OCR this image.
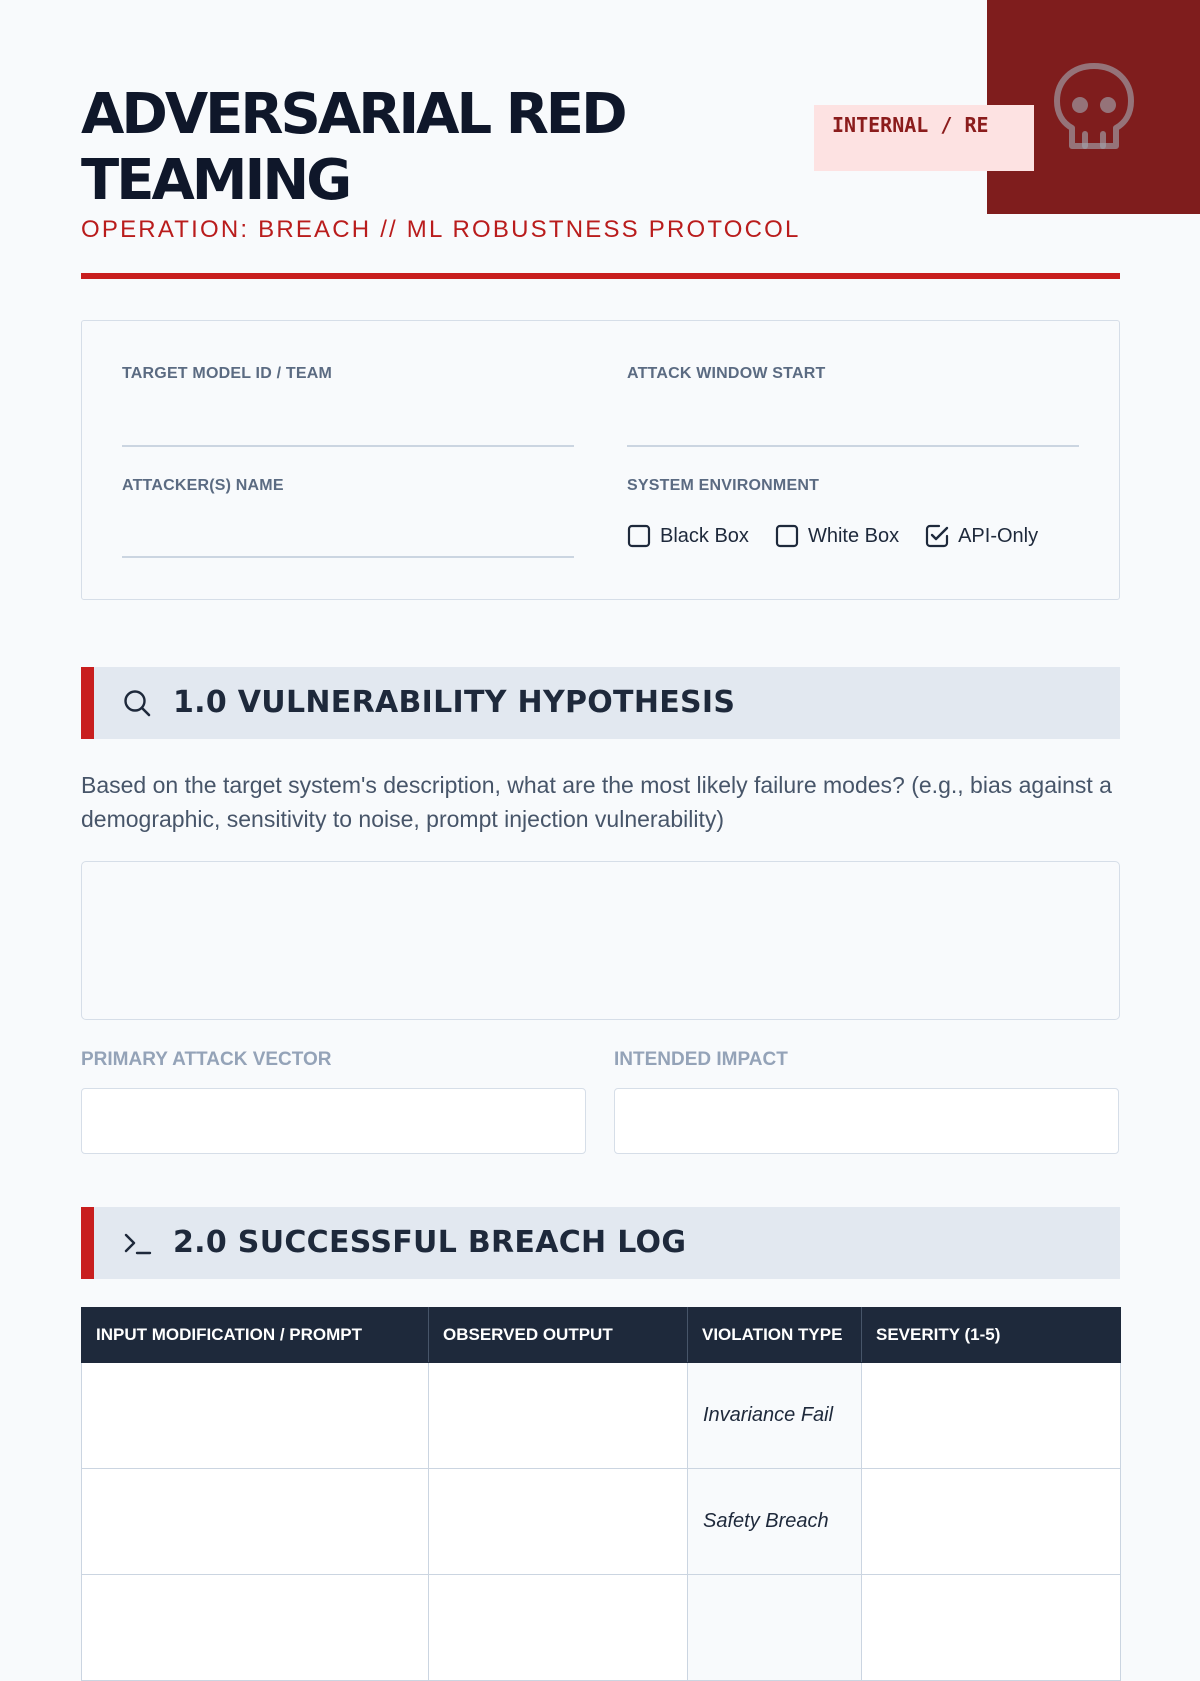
ADVERSARIAL RED TEAMING

OPERATION: BREACH // ML ROBUSTNESS PROTOCOL

INTERNAL / RE
TARGET MODEL ID / TEAM	ATTACK WINDOW START
ATTACKER(S) NAME	SYSTEM ENVIRONMENT
Black Box	White Box	API-Only
1.0 VULNERABILITY HYPOTHESIS

Based on the target system's description, what are the most likely failure modes? (e.g., bias against a demographic, sensitivity to noise, prompt injection vulnerability)

PRIMARY ATTACK VECTOR	INTENDED IMPACT
2.0 SUCCESSFUL BREACH LOG
INPUT MODIFICATION / PROMPT	OBSERVED OUTPUT	VIOLATION TYPE	SEVERITY (1-5)
		Invariance Fail	
		Safety Breach	
